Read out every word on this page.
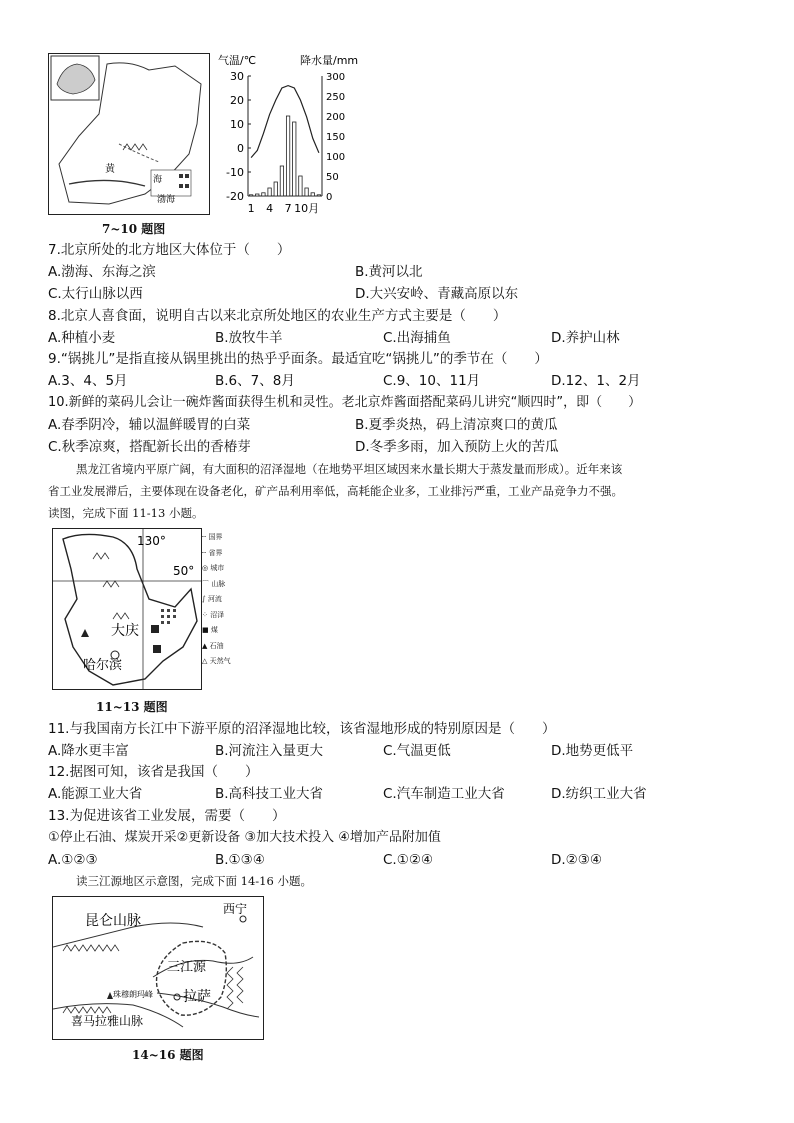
黄
海
渤海
气温/℃	降水量/mm
30
20
10
0
-10
-20
300
250
200
150
100
50
0
1 4 7 10月
7~10 题图
7.北京所处的北方地区大体位于（　　）
A.渤海、东海之滨	B.黄河以北
C.太行山脉以西	D.大兴安岭、青藏高原以东
8.北京人喜食面，说明自古以来北京所处地区的农业生产方式主要是（　　）
A.种植小麦	B.放牧牛羊	C.出海捕鱼	D.养护山林
9.“锅挑儿”是指直接从锅里挑出的热乎乎面条。最适宜吃“锅挑儿”的季节在（　　）
A.3、4、5月	B.6、7、8月	C.9、10、11月	D.12、1、2月
10.新鲜的菜码儿会让一碗炸酱面获得生机和灵性。老北京炸酱面搭配菜码儿讲究“顺四时”，即（　　）
A.春季阴冷，辅以温鲜暖胃的白菜	B.夏季炎热，码上清凉爽口的黄瓜
C.秋季凉爽，搭配新长出的香椿芽	D.冬季多雨，加入预防上火的苦瓜
黑龙江省境内平原广阔，有大面积的沼泽湿地（在地势平坦区域因来水量长期大于蒸发量而形成）。近年来该
省工业发展滞后，主要体现在设备老化，矿产品利用率低，高耗能企业多，工业排污严重，工业产品竞争力不强。
读图，完成下面 11-13 小题。
130°
50°
大庆
哈尔滨
┄ 国界
┄ 省界
◎ 城市
⌒ 山脉
∫ 河流
⁘ 沼泽
■ 煤
▲ 石油
△ 天然气
11~13 题图
11.与我国南方长江中下游平原的沼泽湿地比较，该省湿地形成的特别原因是（　　）
A.降水更丰富	B.河流注入量更大	C.气温更低	D.地势更低平
12.据图可知，该省是我国（　　）
A.能源工业大省	B.高科技工业大省	C.汽车制造工业大省	D.纺织工业大省
13.为促进该省工业发展，需要（　　）
①停止石油、煤炭开采②更新设备 ③加大技术投入 ④增加产品附加值
A.①②③	B.①③④	C.①②④	D.②③④
读三江源地区示意图，完成下面 14-16 小题。
昆仑山脉
西宁
三江源
拉萨
珠穆朗玛峰
喜马拉雅山脉
14~16 题图
